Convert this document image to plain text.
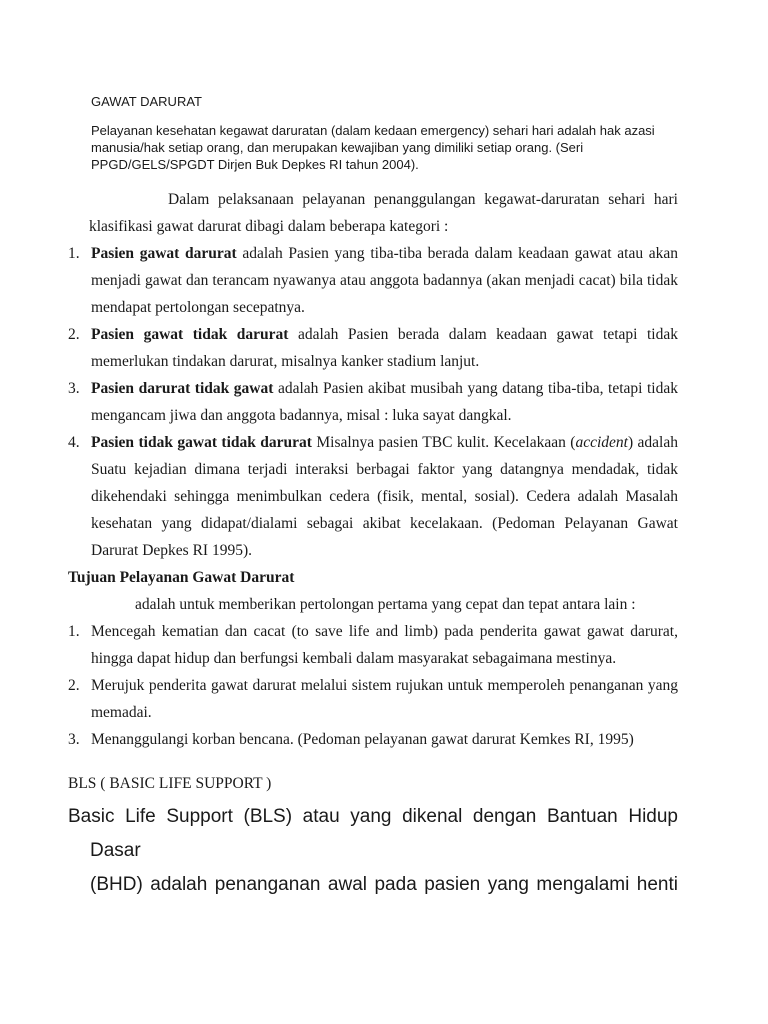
GAWAT DARURAT

Pelayanan kesehatan kegawat daruratan (dalam kedaan emergency) sehari hari adalah hak azasi manusia/hak setiap orang, dan merupakan kewajiban yang dimiliki setiap orang. (Seri PPGD/GELS/SPGDT Dirjen Buk Depkes RI tahun 2004).

Dalam pelaksanaan pelayanan penanggulangan kegawat-daruratan sehari hari klasifikasi gawat darurat dibagi dalam beberapa kategori :

1. Pasien gawat darurat adalah Pasien yang tiba-tiba berada dalam keadaan gawat atau akan menjadi gawat dan terancam nyawanya atau anggota badannya (akan menjadi cacat) bila tidak mendapat pertolongan secepatnya.
2. Pasien gawat tidak darurat adalah Pasien berada dalam keadaan gawat tetapi tidak memerlukan tindakan darurat, misalnya kanker stadium lanjut.
3. Pasien darurat tidak gawat adalah Pasien akibat musibah yang datang tiba-tiba, tetapi tidak mengancam jiwa dan anggota badannya, misal : luka sayat dangkal.
4. Pasien tidak gawat tidak darurat Misalnya pasien TBC kulit. Kecelakaan (accident) adalah Suatu kejadian dimana terjadi interaksi berbagai faktor yang datangnya mendadak, tidak dikehendaki sehingga menimbulkan cedera (fisik, mental, sosial). Cedera adalah Masalah kesehatan yang didapat/dialami sebagai akibat kecelakaan. (Pedoman Pelayanan Gawat Darurat Depkes RI 1995).

Tujuan Pelayanan Gawat Darurat

adalah untuk memberikan pertolongan pertama yang cepat dan tepat antara lain :

1. Mencegah kematian dan cacat (to save life and limb) pada penderita gawat gawat darurat, hingga dapat hidup dan berfungsi kembali dalam masyarakat sebagaimana mestinya.
2. Merujuk penderita gawat darurat melalui sistem rujukan untuk memperoleh penanganan yang memadai.
3. Menanggulangi korban bencana. (Pedoman pelayanan gawat darurat Kemkes RI, 1995)
BLS ( BASIC LIFE SUPPORT )

Basic Life Support (BLS) atau yang dikenal dengan Bantuan Hidup

Dasar

(BHD) adalah penanganan awal pada pasien yang mengalami henti
